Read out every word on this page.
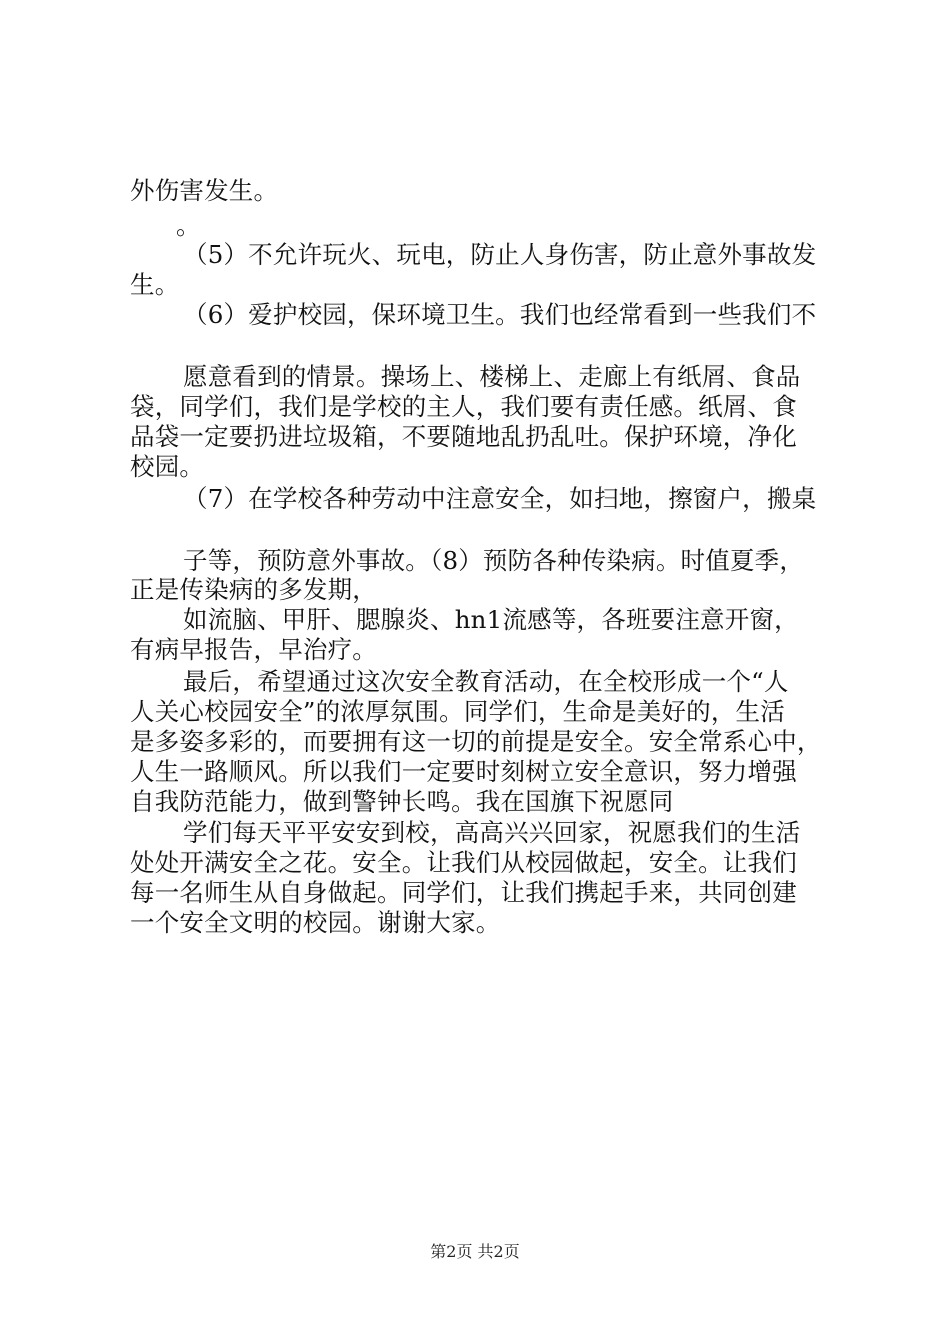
外伤害发生。
。
（5）不允许玩火、玩电，防止人身伤害，防止意外事故发
生。
（6）爱护校园，保环境卫生。我们也经常看到一些我们不
愿意看到的情景。操场上、楼梯上、走廊上有纸屑、食品
袋，同学们，我们是学校的主人，我们要有责任感。纸屑、食
品袋一定要扔进垃圾箱，不要随地乱扔乱吐。保护环境，净化
校园。
（7）在学校各种劳动中注意安全，如扫地，擦窗户，搬桌
子等，预防意外事故。（8）预防各种传染病。时值夏季，
正是传染病的多发期，
如流脑、甲肝、腮腺炎、hn1流感等，各班要注意开窗，
有病早报告，早治疗。
最后，希望通过这次安全教育活动，在全校形成一个“人
人关心校园安全”的浓厚氛围。同学们，生命是美好的，生活
是多姿多彩的，而要拥有这一切的前提是安全。安全常系心中，
人生一路顺风。所以我们一定要时刻树立安全意识，努力增强
自我防范能力，做到警钟长鸣。我在国旗下祝愿同
学们每天平平安安到校，高高兴兴回家，祝愿我们的生活
处处开满安全之花。安全。让我们从校园做起，安全。让我们
每一名师生从自身做起。同学们，让我们携起手来，共同创建
一个安全文明的校园。谢谢大家。
第2页 共2页
